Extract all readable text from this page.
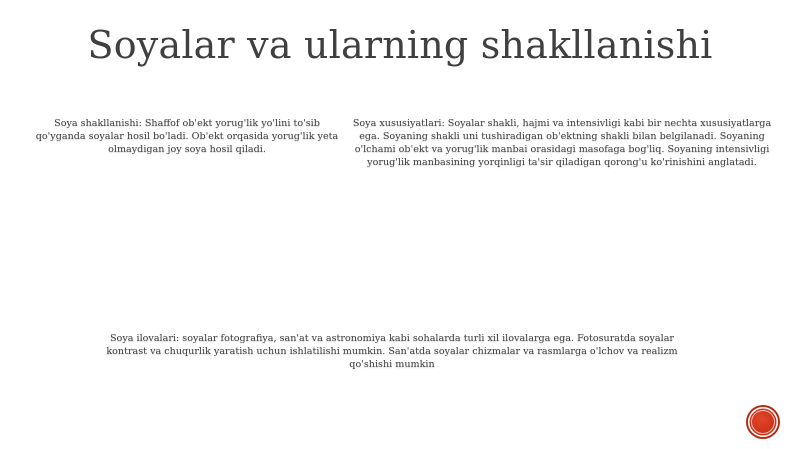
Soyalar va ularning shakllanishi
Soya shakllanishi: Shaffof ob'ekt yorug'lik yo'lini to'sib qo'yganda soyalar hosil bo'ladi. Ob'ekt orqasida yorug'lik yeta olmaydigan joy soya hosil qiladi.
Soya xususiyatlari: Soyalar shakli, hajmi va intensivligi kabi bir nechta xususiyatlarga ega. Soyaning shakli uni tushiradigan ob'ektning shakli bilan belgilanadi. Soyaning o'lchami ob'ekt va yorug'lik manbai orasidagi masofaga bog'liq. Soyaning intensivligi yorug'lik manbasining yorqinligi ta'sir qiladigan qorong'u ko'rinishini anglatadi.
Soya ilovalari: soyalar fotografiya, san'at va astronomiya kabi sohalarda turli xil ilovalarga ega. Fotosuratda soyalar kontrast va chuqurlik yaratish uchun ishlatilishi mumkin. San'atda soyalar chizmalar va rasmlarga o'lchov va realizm qo'shishi mumkin
